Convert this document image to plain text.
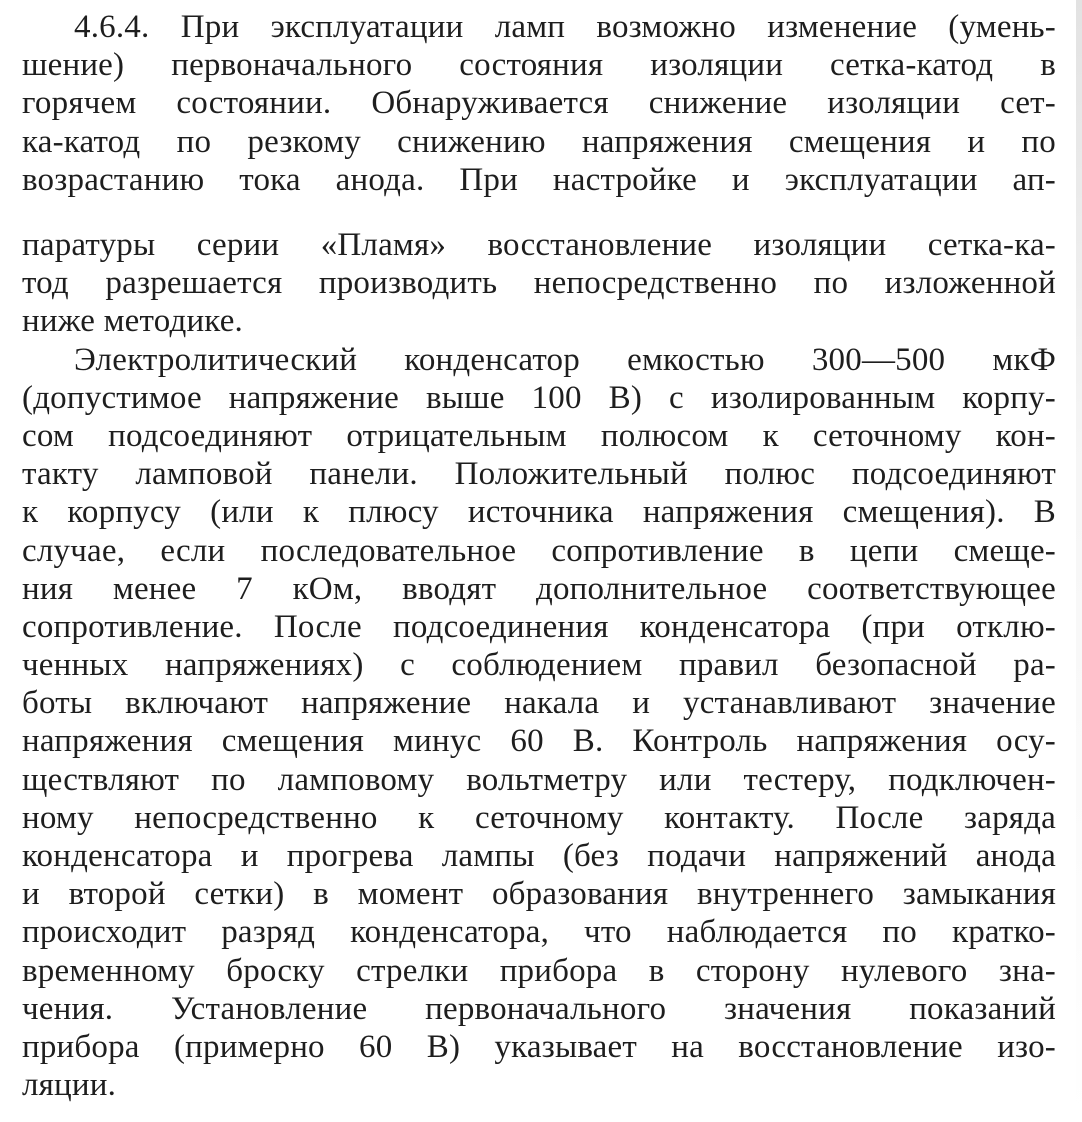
4.6.4. При эксплуатации ламп возможно изменение (умень-
шение) первоначального состояния изоляции сетка-катод в
горячем состоянии. Обнаруживается снижение изоляции сет-
ка-катод по резкому снижению напряжения смещения и по
возрастанию тока анода. При настройке и эксплуатации ап-
паратуры серии «Пламя» восстановление изоляции сетка-ка-
тод разрешается производить непосредственно по изложенной
ниже методике.
Электролитический конденсатор емкостью 300—500 мкФ
(допустимое напряжение выше 100 В) с изолированным корпу-
сом подсоединяют отрицательным полюсом к сеточному кон-
такту ламповой панели. Положительный полюс подсоединяют
к корпусу (или к плюсу источника напряжения смещения). В
случае, если последовательное сопротивление в цепи смеще-
ния менее 7 кОм, вводят дополнительное соответствующее
сопротивление. После подсоединения конденсатора (при отклю-
ченных напряжениях) с соблюдением правил безопасной ра-
боты включают напряжение накала и устанавливают значение
напряжения смещения минус 60 В. Контроль напряжения осу-
ществляют по ламповому вольтметру или тестеру, подключен-
ному непосредственно к сеточному контакту. После заряда
конденсатора и прогрева лампы (без подачи напряжений анода
и второй сетки) в момент образования внутреннего замыкания
происходит разряд конденсатора, что наблюдается по кратко-
временному броску стрелки прибора в сторону нулевого зна-
чения. Установление первоначального значения показаний
прибора (примерно 60 В) указывает на восстановление изо-
ляции.
